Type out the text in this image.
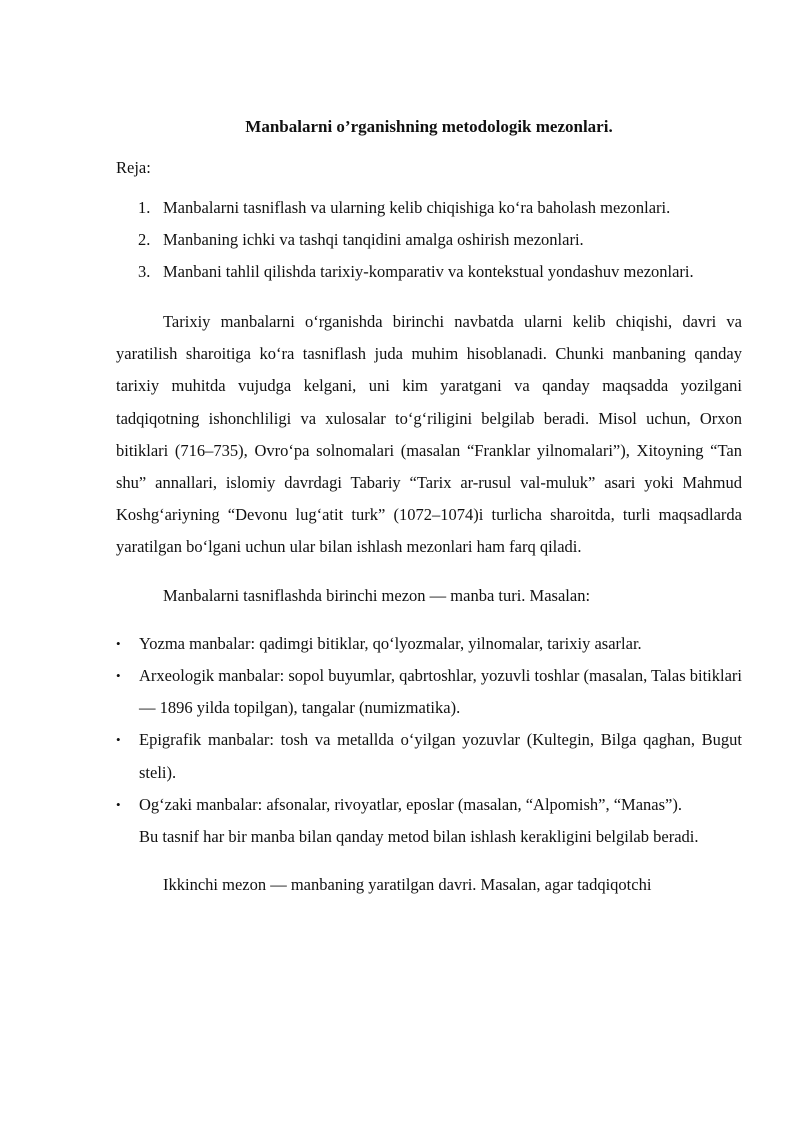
Manbalarni o’rganishning metodologik mezonlari.

Reja:
1. Manbalarni tasniflash va ularning kelib chiqishiga ko‘ra baholash mezonlari.
2. Manbaning ichki va tashqi tanqidini amalga oshirish mezonlari.
3. Manbani tahlil qilishda tarixiy-komparativ va kontekstual yondashuv mezonlari.

Tarixiy manbalarni o‘rganishda birinchi navbatda ularni kelib chiqishi, davri va yaratilish sharoitiga ko‘ra tasniflash juda muhim hisoblanadi. Chunki manbaning qanday tarixiy muhitda vujudga kelgani, uni kim yaratgani va qanday maqsadda yozilgani tadqiqotning ishonchliligi va xulosalar to‘g‘riligini belgilab beradi. Misol uchun, Orxon bitiklari (716–735), Ovro‘pa solnomalari (masalan “Franklar yilnomalari”), Xitoyning “Tan shu” annallari, islomiy davrdagi Tabariy “Tarix ar-rusul val-muluk” asari yoki Mahmud Koshg‘ariyning “Devonu lug‘atit turk” (1072–1074)i turlicha sharoitda, turli maqsadlarda yaratilgan bo‘lgani uchun ular bilan ishlash mezonlari ham farq qiladi.

Manbalarni tasniflashda birinchi mezon — manba turi. Masalan:

• Yozma manbalar: qadimgi bitiklar, qo‘lyozmalar, yilnomalar, tarixiy asarlar.
• Arxeologik manbalar: sopol buyumlar, qabrtoshlar, yozuvli toshlar (masalan, Talas bitiklari — 1896 yilda topilgan), tangalar (numizmatika).
• Epigrafik manbalar: tosh va metallda o‘yilgan yozuvlar (Kultegin, Bilga qaghan, Bugut steli).
• Og‘zaki manbalar: afsonalar, rivoyatlar, eposlar (masalan, “Alpomish”, “Manas”).
Bu tasnif har bir manba bilan qanday metod bilan ishlash kerakligini belgilab beradi.

Ikkinchi mezon — manbaning yaratilgan davri. Masalan, agar tadqiqotchi
